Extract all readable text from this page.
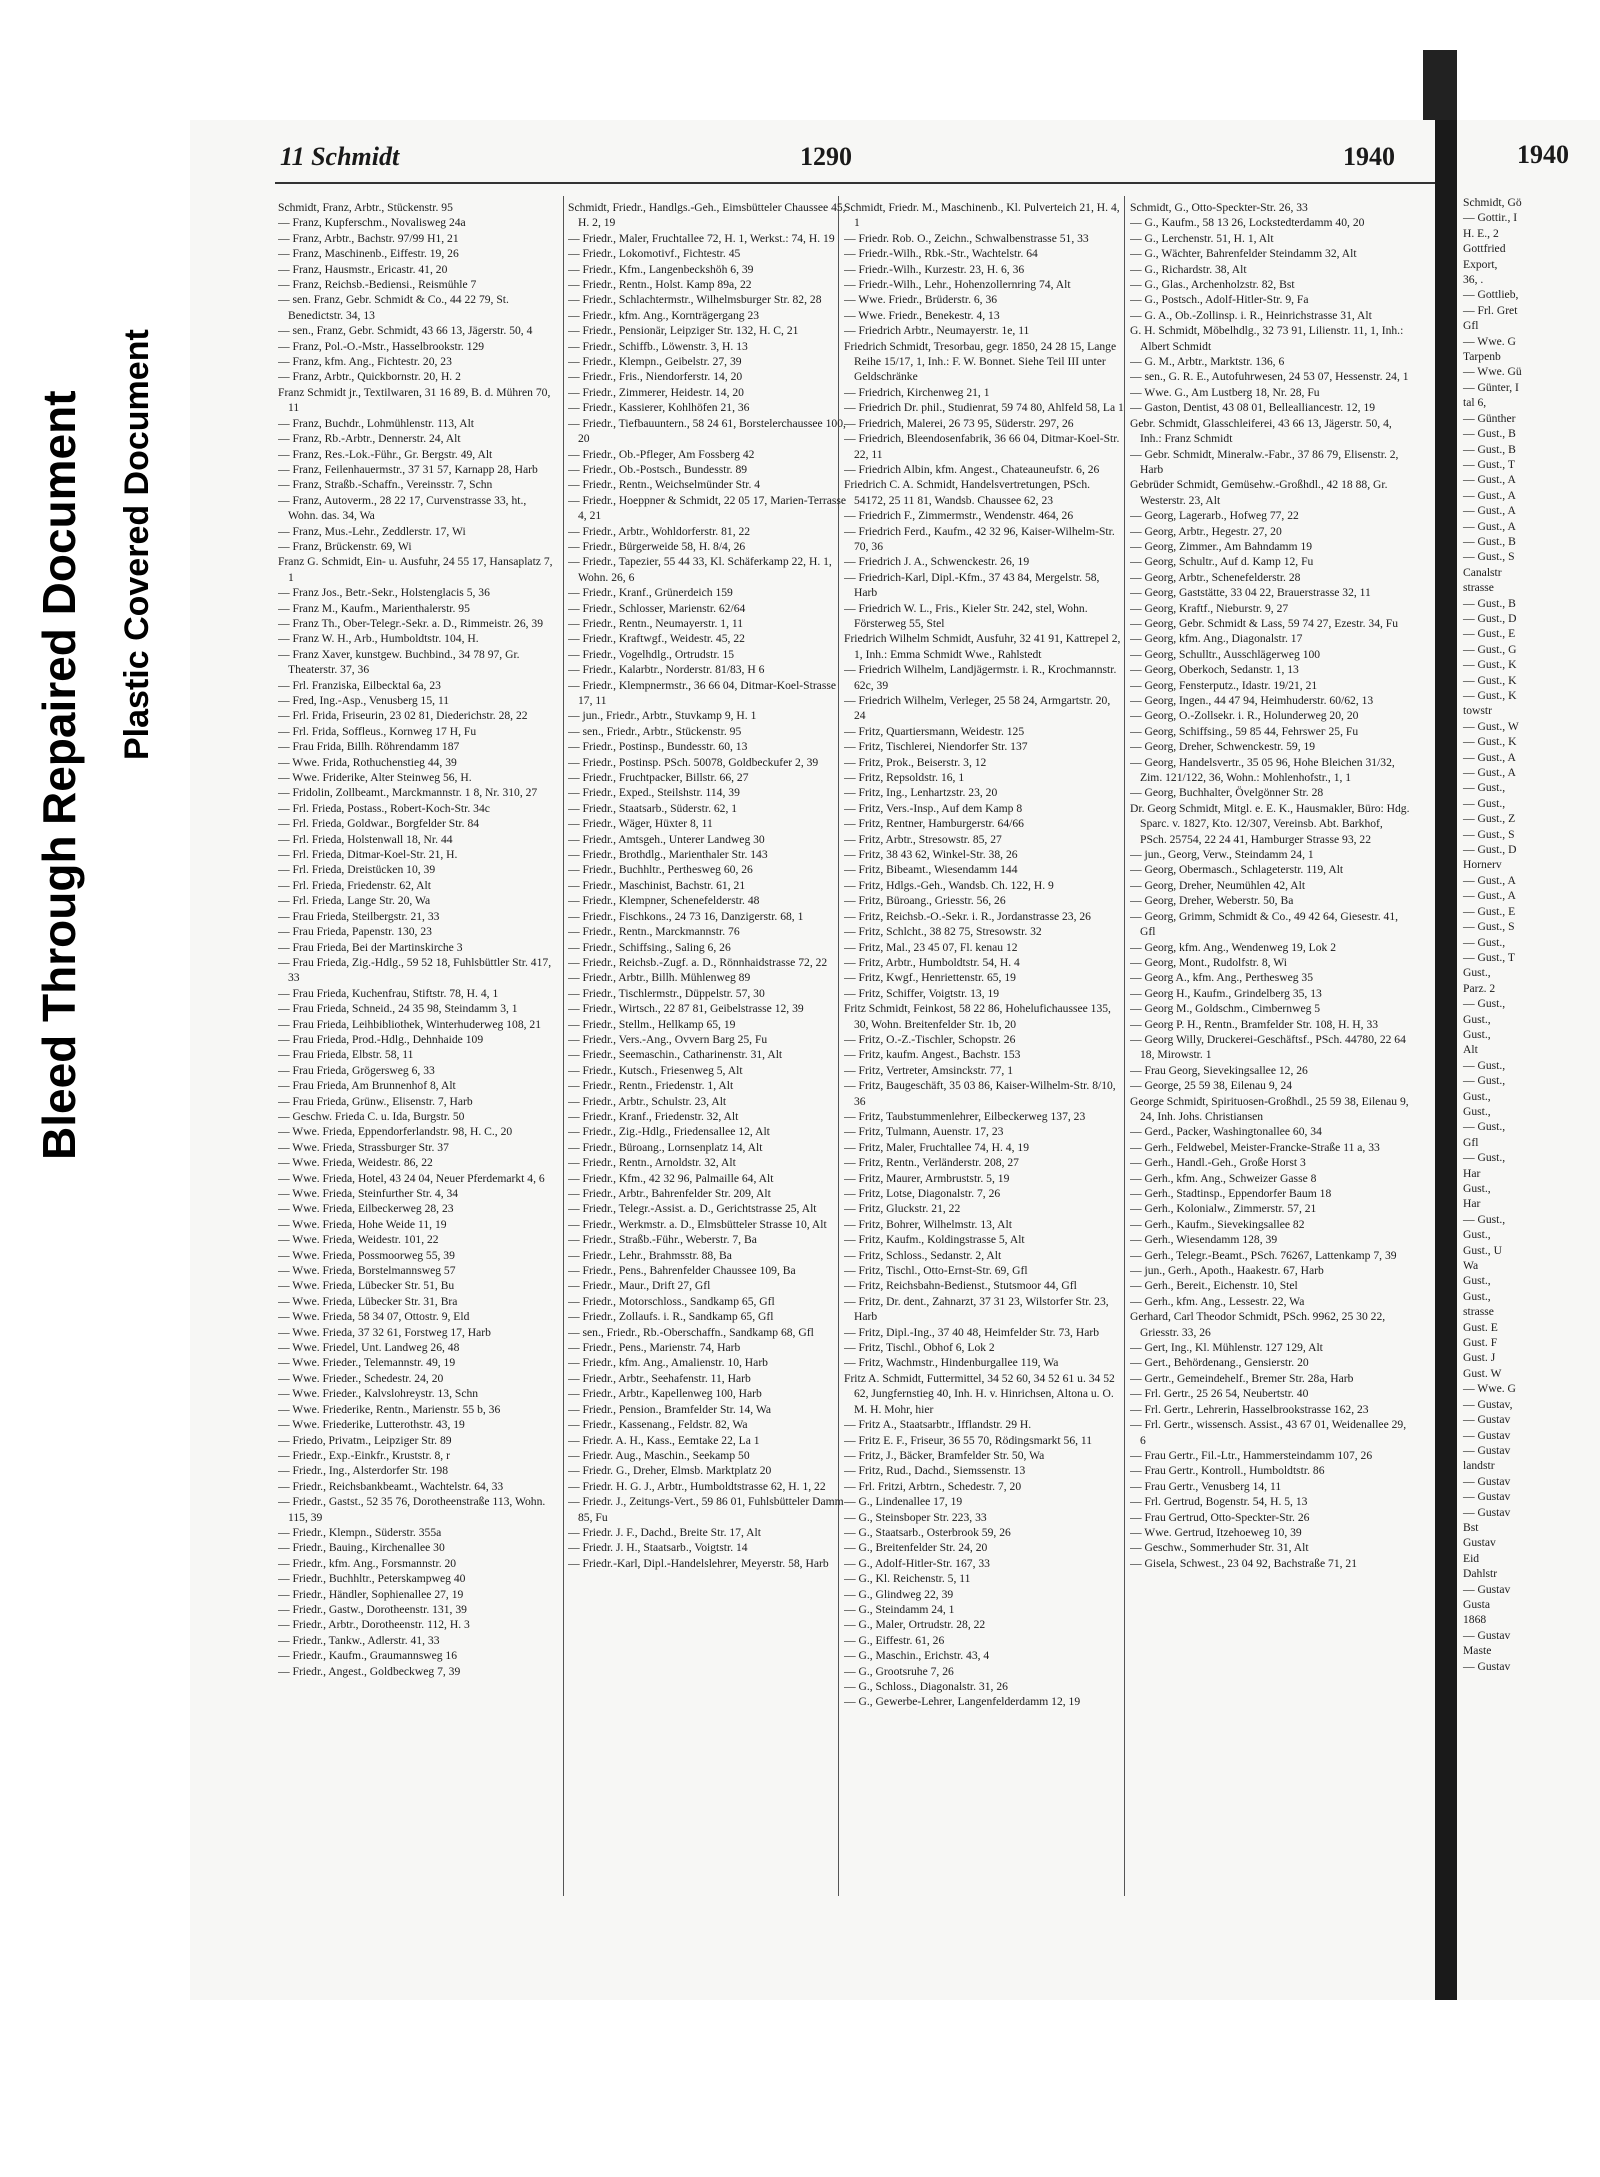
Bleed Through
Repaired Document Plastic Covered Document
11 Schmidt	1290	1940
Schmidt, Franz, Arbtr., Stückenstr. 95
— Franz, Kupferschm., Novalisweg 24a
— Franz, Arbtr., Bachstr. 97/99 H1, 21
— Franz, Maschinenb., Eiffestr. 19, 26
— Franz, Hausmstr., Ericastr. 41, 20
— Franz, Reichsb.-Bediensi., Reismühle 7
— sen. Franz, Gebr. Schmidt & Co., 44 22 79, St. Benedictstr. 34, 13
— sen., Franz, Gebr. Schmidt, 43 66 13, Jägerstr. 50, 4
— Franz, Pol.-O.-Mstr., Hasselbrookstr. 129
— Franz, kfm. Ang., Fichtestr. 20, 23
— Franz, Arbtr., Quickbornstr. 20, H. 2
Franz Schmidt jr., Textilwaren, 31 16 89, B. d. Mühren 70, 11
— Franz, Buchdr., Lohmühlenstr. 113, Alt
— Franz, Rb.-Arbtr., Dennerstr. 24, Alt
— Franz, Res.-Lok.-Führ., Gr. Bergstr. 49, Alt
— Franz, Feilenhauermstr., 37 31 57, Karnapp 28, Harb
— Franz, Straßb.-Schaffn., Vereinsstr. 7, Schn
— Franz, Autoverm., 28 22 17, Curvenstrasse 33, ht., Wohn. das. 34, Wa
— Franz, Mus.-Lehr., Zeddlerstr. 17, Wi
— Franz, Brückenstr. 69, Wi
Franz G. Schmidt, Ein- u. Ausfuhr, 24 55 17, Hansaplatz 7, 1
— Franz Jos., Betr.-Sekr., Holstenglacis 5, 36
— Franz M., Kaufm., Marienthalerstr. 95
— Franz Th., Ober-Telegr.-Sekr. a. D., Rimmeistr. 26, 39
— Franz W. H., Arb., Humboldtstr. 104, H.
— Franz Xaver, kunstgew. Buchbind., 34 78 97, Gr. Theaterstr. 37, 36
— Frl. Franziska, Eilbecktal 6a, 23
— Fred, Ing.-Asp., Venusberg 15, 11
— Frl. Frida, Friseurin, 23 02 81, Diederichstr. 28, 22
— Frl. Frida, Soffleus., Kornweg 17 H, Fu
— Frau Frida, Billh. Röhrendamm 187
— Wwe. Frida, Rothuchenstieg 44, 39
— Wwe. Friderike, Alter Steinweg 56, H.
— Fridolin, Zollbeamt., Marckmannstr. 1 8, Nr. 310, 27
— Frl. Frieda, Postass., Robert-Koch-Str. 34c
— Frl. Frieda, Goldwar., Borgfelder Str. 84
— Frl. Frieda, Holstenwall 18, Nr. 44
— Frl. Frieda, Ditmar-Koel-Str. 21, H.
— Frl. Frieda, Dreistücken 10, 39
— Frl. Frieda, Friedenstr. 62, Alt
— Frl. Frieda, Lange Str. 20, Wa
— Frau Frieda, Steilbergstr. 21, 33
— Frau Frieda, Papenstr. 130, 23
— Frau Frieda, Bei der Martinskirche 3
— Frau Frieda, Zig.-Hdlg., 59 52 18, Fuhlsbüttler Str. 417, 33
— Frau Frieda, Kuchenfrau, Stiftstr. 78, H. 4, 1
— Frau Frieda, Schneid., 24 35 98, Steindamm 3, 1
— Frau Frieda, Leihbibliothek, Winterhuderweg 108, 21
— Frau Frieda, Prod.-Hdlg., Dehnhaide 109
— Frau Frieda, Elbstr. 58, 11
— Frau Frieda, Grögersweg 6, 33
— Frau Frieda, Am Brunnenhof 8, Alt
— Frau Frieda, Grünw., Elisenstr. 7, Harb
— Geschw. Frieda C. u. Ida, Burgstr. 50
— Wwe. Frieda, Eppendorferlandstr. 98, H. C., 20
— Wwe. Frieda, Strassburger Str. 37
— Wwe. Frieda, Weidestr. 86, 22
— Wwe. Frieda, Hotel, 43 24 04, Neuer Pferdemarkt 4, 6
— Wwe. Frieda, Steinfurther Str. 4, 34
— Wwe. Frieda, Eilbeckerweg 28, 23
— Wwe. Frieda, Hohe Weide 11, 19
— Wwe. Frieda, Weidestr. 101, 22
— Wwe. Frieda, Possmoorweg 55, 39
— Wwe. Frieda, Borstelmannsweg 57
— Wwe. Frieda, Lübecker Str. 51, Bu
— Wwe. Frieda, Lübecker Str. 31, Bra
— Wwe. Frieda, 58 34 07, Ottostr. 9, Eld
— Wwe. Frieda, 37 32 61, Forstweg 17, Harb
— Wwe. Friedel, Unt. Landweg 26, 48
— Wwe. Frieder., Telemannstr. 49, 19
— Wwe. Frieder., Schedestr. 24, 20
— Wwe. Frieder., Kalvslohreystr. 13, Schn
— Wwe. Friederike, Rentn., Marienstr. 55 b, 36
— Wwe. Friederike, Lutterothstr. 43, 19
— Friedo, Privatm., Leipziger Str. 89
— Friedr., Exp.-Einkfr., Kruststr. 8, r
— Friedr., Ing., Alsterdorfer Str. 198
— Friedr., Reichsbankbeamt., Wachtelstr. 64, 33
— Friedr., Gastst., 52 35 76, Dorotheenstraße 113, Wohn. 115, 39
— Friedr., Klempn., Süderstr. 355a
— Friedr., Bauing., Kirchenallee 30
— Friedr., kfm. Ang., Forsmannstr. 20
— Friedr., Buchhltr., Peterskampweg 40
— Friedr., Händler, Sophienallee 27, 19
— Friedr., Gastw., Dorotheenstr. 131, 39
— Friedr., Arbtr., Dorotheenstr. 112, H. 3
— Friedr., Tankw., Adlerstr. 41, 33
— Friedr., Kaufm., Graumannsweg 16
— Friedr., Angest., Goldbeckweg 7, 39
Schmidt, Friedr., Handlgs.-Geh., Eimsbütteler Chaussee 45, H. 2, 19
— Friedr., Maler, Fruchtallee 72, H. 1, Werkst.: 74, H. 19
— Friedr., Lokomotivf., Fichtestr. 45
— Friedr., Kfm., Langenbeckshöh 6, 39
— Friedr., Rentn., Holst. Kamp 89a, 22
— Friedr., Schlachtermstr., Wilhelmsburger Str. 82, 28
— Friedr., kfm. Ang., Kornträgergang 23
— Friedr., Pensionär, Leipziger Str. 132, H. C, 21
— Friedr., Schiffb., Löwenstr. 3, H. 13
— Friedr., Klempn., Geibelstr. 27, 39
— Friedr., Fris., Niendorferstr. 14, 20
— Friedr., Zimmerer, Heidestr. 14, 20
— Friedr., Kassierer, Kohlhöfen 21, 36
— Friedr., Tiefbauuntern., 58 24 61, Borstelerchaussee 100, 20
— Friedr., Ob.-Pfleger, Am Fossberg 42
— Friedr., Ob.-Postsch., Bundesstr. 89
— Friedr., Rentn., Weichselmünder Str. 4
— Friedr., Hoeppner & Schmidt, 22 05 17, Marien-Terrasse 4, 21
— Friedr., Arbtr., Wohldorferstr. 81, 22
— Friedr., Bürgerweide 58, H. 8/4, 26
— Friedr., Tapezier, 55 44 33, Kl. Schäferkamp 22, H. 1, Wohn. 26, 6
— Friedr., Kranf., Grünerdeich 159
— Friedr., Schlosser, Marienstr. 62/64
— Friedr., Rentn., Neumayerstr. 1, 11
— Friedr., Kraftwgf., Weidestr. 45, 22
— Friedr., Vogelhdlg., Ortrudstr. 15
— Friedr., Kalarbtr., Norderstr. 81/83, H 6
— Friedr., Klempnermstr., 36 66 04, Ditmar-Koel-Strasse 17, 11
— jun., Friedr., Arbtr., Stuvkamp 9, H. 1
— sen., Friedr., Arbtr., Stückenstr. 95
— Friedr., Postinsp., Bundesstr. 60, 13
— Friedr., Postinsp. PSch. 50078, Goldbeckufer 2, 39
— Friedr., Fruchtpacker, Billstr. 66, 27
— Friedr., Exped., Steilshstr. 114, 39
— Friedr., Staatsarb., Süderstr. 62, 1
— Friedr., Wäger, Hüxter 8, 11
— Friedr., Amtsgeh., Unterer Landweg 30
— Friedr., Brothdlg., Marienthaler Str. 143
— Friedr., Buchhltr., Perthesweg 60, 26
— Friedr., Maschinist, Bachstr. 61, 21
— Friedr., Klempner, Schenefelderstr. 48
— Friedr., Fischkons., 24 73 16, Danzigerstr. 68, 1
— Friedr., Rentn., Marckmannstr. 76
— Friedr., Schiffsing., Saling 6, 26
— Friedr., Reichsb.-Zugf. a. D., Rönnhaidstrasse 72, 22
— Friedr., Arbtr., Billh. Mühlenweg 89
— Friedr., Tischlermstr., Düppelstr. 57, 30
— Friedr., Wirtsch., 22 87 81, Geibelstrasse 12, 39
— Friedr., Stellm., Hellkamp 65, 19
— Friedr., Vers.-Ang., Ovvern Barg 25, Fu
— Friedr., Seemaschin., Catharinenstr. 31, Alt
— Friedr., Kutsch., Friesenweg 5, Alt
— Friedr., Rentn., Friedenstr. 1, Alt
— Friedr., Arbtr., Schulstr. 23, Alt
— Friedr., Kranf., Friedenstr. 32, Alt
— Friedr., Zig.-Hdlg., Friedensallee 12, Alt
— Friedr., Büroang., Lornsenplatz 14, Alt
— Friedr., Rentn., Arnoldstr. 32, Alt
— Friedr., Kfm., 42 32 96, Palmaille 64, Alt
— Friedr., Arbtr., Bahrenfelder Str. 209, Alt
— Friedr., Telegr.-Assist. a. D., Gerichtstrasse 25, Alt
— Friedr., Werkmstr. a. D., Elmsbütteler Strasse 10, Alt
— Friedr., Straßb.-Führ., Weberstr. 7, Ba
— Friedr., Lehr., Brahmsstr. 88, Ba
— Friedr., Pens., Bahrenfelder Chaussee 109, Ba
— Friedr., Maur., Drift 27, Gfl
— Friedr., Motorschloss., Sandkamp 65, Gfl
— Friedr., Zollaufs. i. R., Sandkamp 65, Gfl
— sen., Friedr., Rb.-Oberschaffn., Sandkamp 68, Gfl
— Friedr., Pens., Marienstr. 74, Harb
— Friedr., kfm. Ang., Amalienstr. 10, Harb
— Friedr., Arbtr., Seehafenstr. 11, Harb
— Friedr., Arbtr., Kapellenweg 100, Harb
— Friedr., Pension., Bramfelder Str. 14, Wa
— Friedr., Kassenang., Feldstr. 82, Wa
— Friedr. A. H., Kass., Eemtake 22, La 1
— Friedr. Aug., Maschin., Seekamp 50
— Friedr. G., Dreher, Elmsb. Marktplatz 20
— Friedr. H. G. J., Arbtr., Humboldtstrasse 62, H. 1, 22
— Friedr. J., Zeitungs-Vert., 59 86 01, Fuhlsbütteler Damm 85, Fu
— Friedr. J. F., Dachd., Breite Str. 17, Alt
— Friedr. J. H., Staatsarb., Voigtstr. 14
— Friedr.-Karl, Dipl.-Handelslehrer, Meyerstr. 58, Harb
Schmidt, Friedr. M., Maschinenb., Kl. Pulverteich 21, H. 4, 1
— Friedr. Rob. O., Zeichn., Schwalbenstrasse 51, 33
— Friedr.-Wilh., Rbk.-Str., Wachtelstr. 64
— Friedr.-Wilh., Kurzestr. 23, H. 6, 36
— Friedr.-Wilh., Lehr., Hohenzollernring 74, Alt
— Wwe. Friedr., Brüderstr. 6, 36
— Wwe. Friedr., Benekestr. 4, 13
— Friedrich Arbtr., Neumayerstr. 1e, 11
Friedrich Schmidt, Tresorbau, gegr. 1850, 24 28 15, Lange Reihe 15/17, 1, Inh.: F. W. Bonnet. Siehe Teil III unter Geldschränke
— Friedrich, Kirchenweg 21, 1
— Friedrich Dr. phil., Studienrat, 59 74 80, Ahlfeld 58, La 1
— Friedrich, Malerei, 26 73 95, Süderstr. 297, 26
— Friedrich, Bleendosenfabrik, 36 66 04, Ditmar-Koel-Str. 22, 11
— Friedrich Albin, kfm. Angest., Chateauneufstr. 6, 26
Friedrich C. A. Schmidt, Handelsvertretungen, PSch. 54172, 25 11 81, Wandsb. Chaussee 62, 23
— Friedrich F., Zimmermstr., Wendenstr. 464, 26
— Friedrich Ferd., Kaufm., 42 32 96, Kaiser-Wilhelm-Str. 70, 36
— Friedrich J. A., Schwenckestr. 26, 19
— Friedrich-Karl, Dipl.-Kfm., 37 43 84, Mergelstr. 58, Harb
— Friedrich W. L., Fris., Kieler Str. 242, stel, Wohn. Försterweg 55, Stel
Friedrich Wilhelm Schmidt, Ausfuhr, 32 41 91, Kattrepel 2, 1, Inh.: Emma Schmidt Wwe., Rahlstedt
— Friedrich Wilhelm, Landjägermstr. i. R., Krochmannstr. 62c, 39
— Friedrich Wilhelm, Verleger, 25 58 24, Armgartstr. 20, 24
— Fritz, Quartiersmann, Weidestr. 125
— Fritz, Tischlerei, Niendorfer Str. 137
— Fritz, Prok., Beiserstr. 3, 12
— Fritz, Repsoldstr. 16, 1
— Fritz, Ing., Lenhartzstr. 23, 20
— Fritz, Vers.-Insp., Auf dem Kamp 8
— Fritz, Rentner, Hamburgerstr. 64/66
— Fritz, Arbtr., Stresowstr. 85, 27
— Fritz, 38 43 62, Winkel-Str. 38, 26
— Fritz, Bibeamt., Wiesendamm 144
— Fritz, Hdlgs.-Geh., Wandsb. Ch. 122, H. 9
— Fritz, Büroang., Griesstr. 56, 26
— Fritz, Reichsb.-O.-Sekr. i. R., Jordanstrasse 23, 26
— Fritz, Schlcht., 38 82 75, Stresowstr. 32
— Fritz, Mal., 23 45 07, Fl. kenau 12
— Fritz, Arbtr., Humboldtstr. 54, H. 4
— Fritz, Kwgf., Henriettenstr. 65, 19
— Fritz, Schiffer, Voigtstr. 13, 19
Fritz Schmidt, Feinkost, 58 22 86, Hohelufichaussee 135, 30, Wohn. Breitenfelder Str. 1b, 20
— Fritz, O.-Z.-Tischler, Schopstr. 26
— Fritz, kaufm. Angest., Bachstr. 153
— Fritz, Vertreter, Amsinckstr. 77, 1
— Fritz, Baugeschäft, 35 03 86, Kaiser-Wilhelm-Str. 8/10, 36
— Fritz, Taubstummenlehrer, Eilbeckerweg 137, 23
— Fritz, Tulmann, Auenstr. 17, 23
— Fritz, Maler, Fruchtallee 74, H. 4, 19
— Fritz, Rentn., Verländerstr. 208, 27
— Fritz, Maurer, Armbruststr. 5, 19
— Fritz, Lotse, Diagonalstr. 7, 26
— Fritz, Gluckstr. 21, 22
— Fritz, Bohrer, Wilhelmstr. 13, Alt
— Fritz, Kaufm., Koldingstrasse 5, Alt
— Fritz, Schloss., Sedanstr. 2, Alt
— Fritz, Tischl., Otto-Ernst-Str. 69, Gfl
— Fritz, Reichsbahn-Bedienst., Stutsmoor 44, Gfl
— Fritz, Dr. dent., Zahnarzt, 37 31 23, Wilstorfer Str. 23, Harb
— Fritz, Dipl.-Ing., 37 40 48, Heimfelder Str. 73, Harb
— Fritz, Tischl., Obhof 6, Lok 2
— Fritz, Wachmstr., Hindenburgallee 119, Wa
Fritz A. Schmidt, Futtermittel, 34 52 60, 34 52 61 u. 34 52 62, Jungfernstieg 40, Inh. H. v. Hinrichsen, Altona u. O. M. H. Mohr, hier
— Fritz A., Staatsarbtr., Ifflandstr. 29 H.
— Fritz E. F., Friseur, 36 55 70, Rödingsmarkt 56, 11
— Fritz, J., Bäcker, Bramfelder Str. 50, Wa
— Fritz, Rud., Dachd., Siemssenstr. 13
— Frl. Fritzi, Arbtrn., Schedestr. 7, 20
— G., Lindenallee 17, 19
— G., Steinsboper Str. 223, 33
— G., Staatsarb., Osterbrook 59, 26
— G., Breitenfelder Str. 24, 20
— G., Adolf-Hitler-Str. 167, 33
— G., Kl. Reichenstr. 5, 11
— G., Glindweg 22, 39
— G., Steindamm 24, 1
— G., Maler, Ortrudstr. 28, 22
— G., Eiffestr. 61, 26
— G., Maschin., Erichstr. 43, 4
— G., Grootsruhe 7, 26
— G., Schloss., Diagonalstr. 31, 26
— G., Gewerbe-Lehrer, Langenfelderdamm 12, 19
Schmidt, G., Otto-Speckter-Str. 26, 33
— G., Kaufm., 58 13 26, Lockstedterdamm 40, 20
— G., Lerchenstr. 51, H. 1, Alt
— G., Wächter, Bahrenfelder Steindamm 32, Alt
— G., Richardstr. 38, Alt
— G., Glas., Archenholzstr. 82, Bst
— G., Postsch., Adolf-Hitler-Str. 9, Fa
— G. A., Ob.-Zollinsp. i. R., Heinrichstrasse 31, Alt
G. H. Schmidt, Möbelhdlg., 32 73 91, Lilienstr. 11, 1, Inh.: Albert Schmidt
— G. M., Arbtr., Marktstr. 136, 6
— sen., G. R. E., Autofuhrwesen, 24 53 07, Hessenstr. 24, 1
— Wwe. G., Am Lustberg 18, Nr. 28, Fu
— Gaston, Dentist, 43 08 01, Bellealliancestr. 12, 19
Gebr. Schmidt, Glasschleiferei, 43 66 13, Jägerstr. 50, 4, Inh.: Franz Schmidt
— Gebr. Schmidt, Mineralw.-Fabr., 37 86 79, Elisenstr. 2, Harb
Gebrüder Schmidt, Gemüsehw.-Großhdl., 42 18 88, Gr. Westerstr. 23, Alt
— Georg, Lagerarb., Hofweg 77, 22
— Georg, Arbtr., Hegestr. 27, 20
— Georg, Zimmer., Am Bahndamm 19
— Georg, Schultr., Auf d. Kamp 12, Fu
— Georg, Arbtr., Schenefelderstr. 28
— Georg, Gaststätte, 33 04 22, Brauerstrasse 32, 11
— Georg, Kraftf., Nieburstr. 9, 27
— Georg, Gebr. Schmidt & Lass, 59 74 27, Ezestr. 34, Fu
— Georg, kfm. Ang., Diagonalstr. 17
— Georg, Schulltr., Ausschlägerweg 100
— Georg, Oberkoch, Sedanstr. 1, 13
— Georg, Fensterputz., Idastr. 19/21, 21
— Georg, Ingen., 44 47 94, Heimhuderstr. 60/62, 13
— Georg, O.-Zollsekr. i. R., Holunderweg 20, 20
— Georg, Schiffsing., 59 85 44, Fehrswег 25, Fu
— Georg, Dreher, Schwenckestr. 59, 19
— Georg, Handelsvertr., 35 05 96, Hohe Bleichen 31/32, Zim. 121/122, 36, Wohn.: Mohlenhofstr., 1, 1
— Georg, Buchhalter, Övelgönner Str. 28
Dr. Georg Schmidt, Mitgl. e. E. K., Hausmakler, Büro: Hdg. Sparc. v. 1827, Kto. 12/307, Vereinsb. Abt. Barkhof, PSch. 25754, 22 24 41, Hamburger Strasse 93, 22
— jun., Georg, Verw., Steindamm 24, 1
— Georg, Obermasch., Schlageterstr. 119, Alt
— Georg, Dreher, Neumühlen 42, Alt
— Georg, Dreher, Weberstr. 50, Ba
— Georg, Grimm, Schmidt & Co., 49 42 64, Giesestr. 41, Gfl
— Georg, kfm. Ang., Wendenweg 19, Lok 2
— Georg, Mont., Rudolfstr. 8, Wi
— Georg A., kfm. Ang., Perthesweg 35
— Georg H., Kaufm., Grindelberg 35, 13
— Georg M., Goldschm., Cimbernweg 5
— Georg P. H., Rentn., Bramfelder Str. 108, H. H, 33
— Georg Willy, Druckerei-Geschäftsf., PSch. 44780, 22 64 18, Mirowstr. 1
— Frau Georg, Sievekingsallee 12, 26
— George, 25 59 38, Eilenau 9, 24
George Schmidt, Spirituosen-Großhdl., 25 59 38, Eilenau 9, 24, Inh. Johs. Christiansen
— Gerd., Packer, Washingtonallee 60, 34
— Gerh., Feldwebel, Meister-Francke-Straße 11 a, 33
— Gerh., Handl.-Geh., Große Horst 3
— Gerh., kfm. Ang., Schweizer Gasse 8
— Gerh., Stadtinsp., Eppendorfer Baum 18
— Gerh., Kolonialw., Zimmerstr. 57, 21
— Gerh., Kaufm., Sievekingsallee 82
— Gerh., Wiesendamm 128, 39
— Gerh., Telegr.-Beamt., PSch. 76267, Lattenkamp 7, 39
— jun., Gerh., Apoth., Haakestr. 67, Harb
— Gerh., Bereit., Eichenstr. 10, Stel
— Gerh., kfm. Ang., Lessestr. 22, Wa
Gerhard, Carl Theodor Schmidt, PSch. 9962, 25 30 22, Griesstr. 33, 26
— Gert, Ing., Kl. Mühlenstr. 127 129, Alt
— Gert., Behördenang., Gensierstr. 20
— Gertr., Gemeindehelf., Bremer Str. 28a, Harb
— Frl. Gertr., 25 26 54, Neubertstr. 40
— Frl. Gertr., Lehrerin, Hasselbrookstrasse 162, 23
— Frl. Gertr., wissensch. Assist., 43 67 01, Weidenallee 29, 6
— Frau Gertr., Fil.-Ltr., Hammersteindamm 107, 26
— Frau Gertr., Kontroll., Humboldtstr. 86
— Frau Gertr., Venusberg 14, 11
— Frl. Gertrud, Bogenstr. 54, H. 5, 13
— Frau Gertrud, Otto-Speckter-Str. 26
— Wwe. Gertrud, Itzehoeweg 10, 39
— Geschw., Sommerhuder Str. 31, Alt
— Gisela, Schwest., 23 04 92, Bachstraße 71, 21
1940
Schmidt, Gö
— Gottir., I
H. E., 2
Gottfried
Export,
36, .
— Gottlieb,
— Frl. Gret
Gfl
— Wwe. G
Tarpenb
— Wwe. Gü
— Günter, I
tal 6,
— Günther
— Gust., B
— Gust., B
— Gust., T
— Gust., A
— Gust., A
— Gust., A
— Gust., A
— Gust., B
— Gust., S
Canalstr
strasse
— Gust., B
— Gust., D
— Gust., E
— Gust., G
— Gust., K
— Gust., K
— Gust., K
towstr
— Gust., W
— Gust., K
— Gust., A
— Gust., A
— Gust.,
— Gust.,
— Gust., Z
— Gust., S
— Gust., D
Hornerv
— Gust., A
— Gust., A
— Gust., E
— Gust., S
— Gust.,
— Gust., T
Gust.,
Parz. 2
— Gust.,
Gust.,
Gust.,
Alt
— Gust.,
— Gust.,
Gust.,
Gust.,
— Gust.,
Gfl
— Gust.,
Har
Gust.,
Har
— Gust.,
Gust.,
Gust., U
Wa
Gust.,
Gust.,
strasse
Gust. E
Gust. F
Gust. J
Gust. W
— Wwe. G
— Gustav,
— Gustav
— Gustav
— Gustav
landstr
— Gustav
— Gustav
— Gustav
Bst
Gustav
Eid
Dahlstr
— Gustav
Gusta
1868
— Gustav
Maste
— Gustav
